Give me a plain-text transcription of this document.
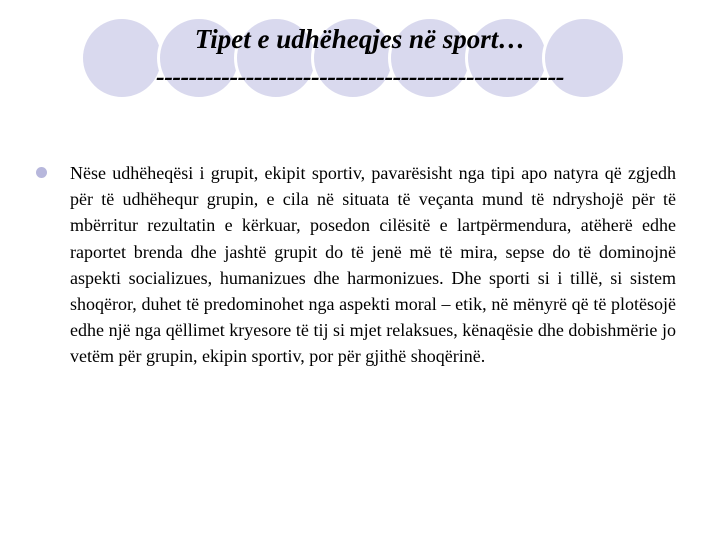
Tipet e udhëheqjes në sport…
--------------------------------------------------

Nëse udhëheqësi i grupit, ekipit sportiv, pavarësisht nga tipi apo natyra që zgjedh për të udhëhequr grupin, e cila në situata të veçanta mund të ndryshojë për të mbërritur rezultatin e kërkuar, posedon cilësitë e lartpërmendura, atëherë edhe raportet brenda dhe jashtë grupit do të jenë më të mira, sepse do të dominojnë aspekti socializues, humanizues dhe harmonizues. Dhe sporti si i tillë, si sistem shoqëror, duhet të predominohet nga aspekti moral – etik, në mënyrë që të plotësojë edhe një nga qëllimet kryesore të tij si mjet relaksues, kënaqësie dhe dobishmërie jo vetëm për grupin, ekipin sportiv, por për gjithë shoqërinë.
